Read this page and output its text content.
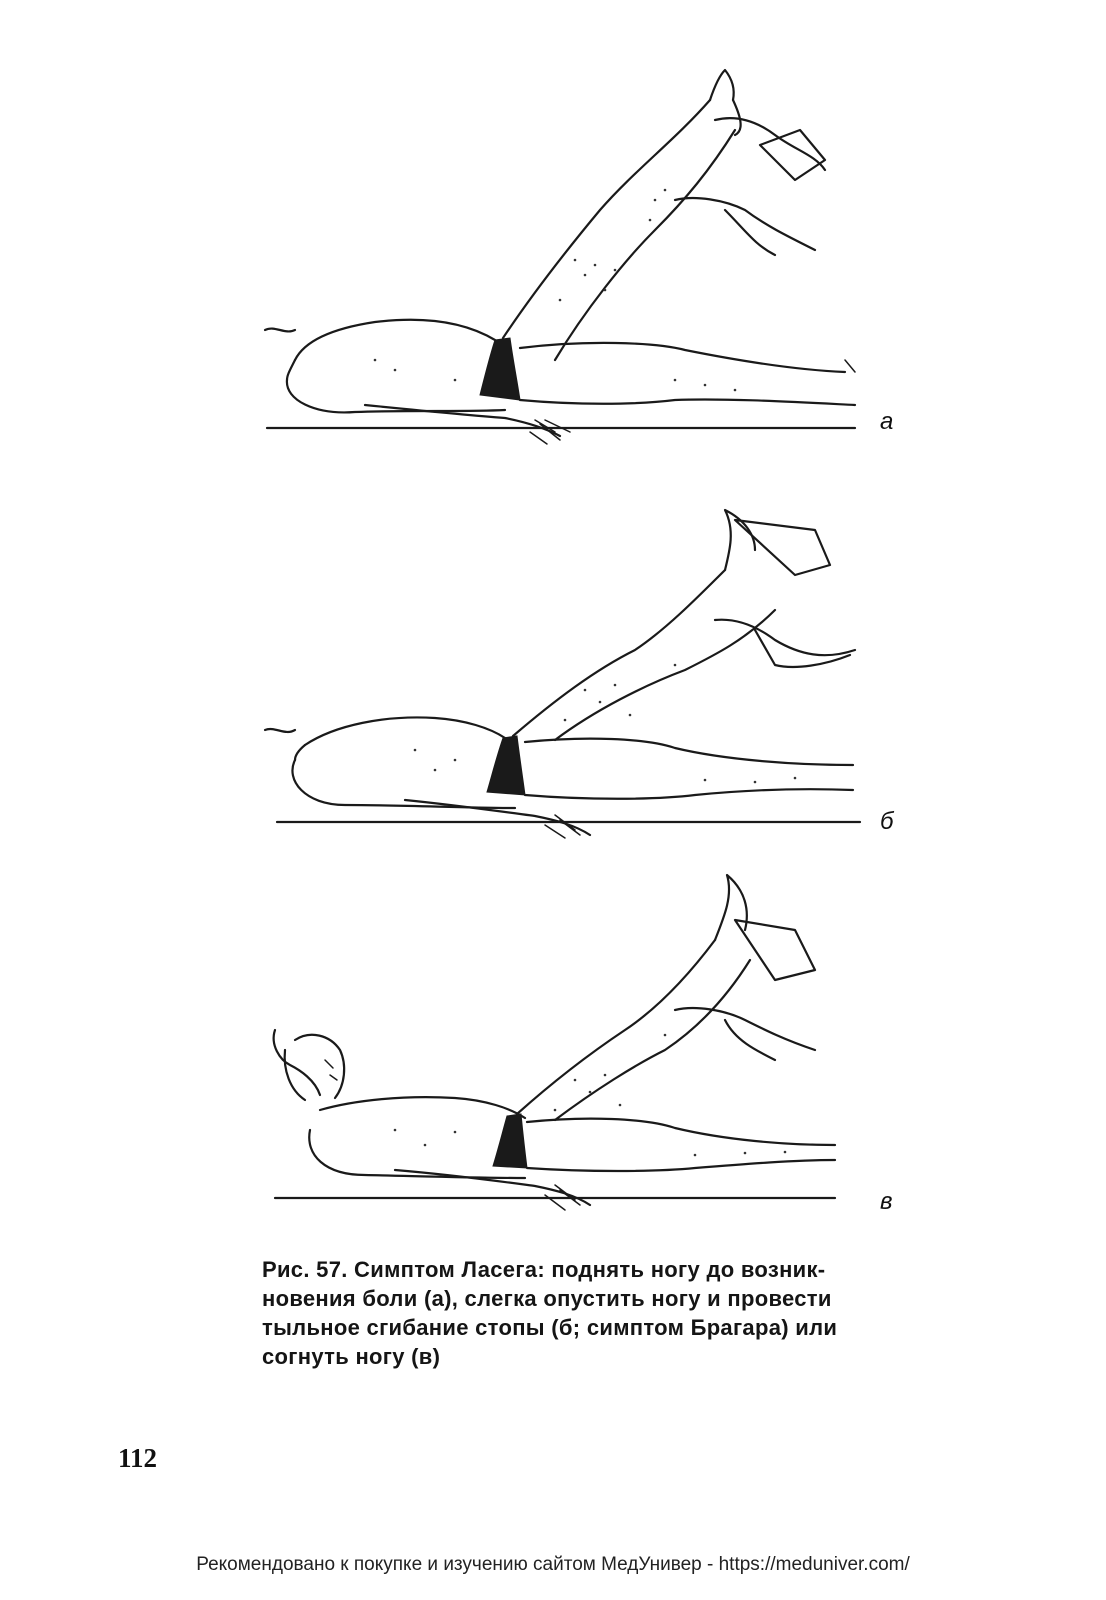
а
б
в
Рис. 57. Симптом Ласега: поднять ногу до возник-
новения боли (а), слегка опустить ногу и провести
тыльное сгибание стопы (б; симптом Брагара) или
согнуть ногу (в)
112
Рекомендовано к покупке и изучению сайтом МедУнивер - https://meduniver.com/
